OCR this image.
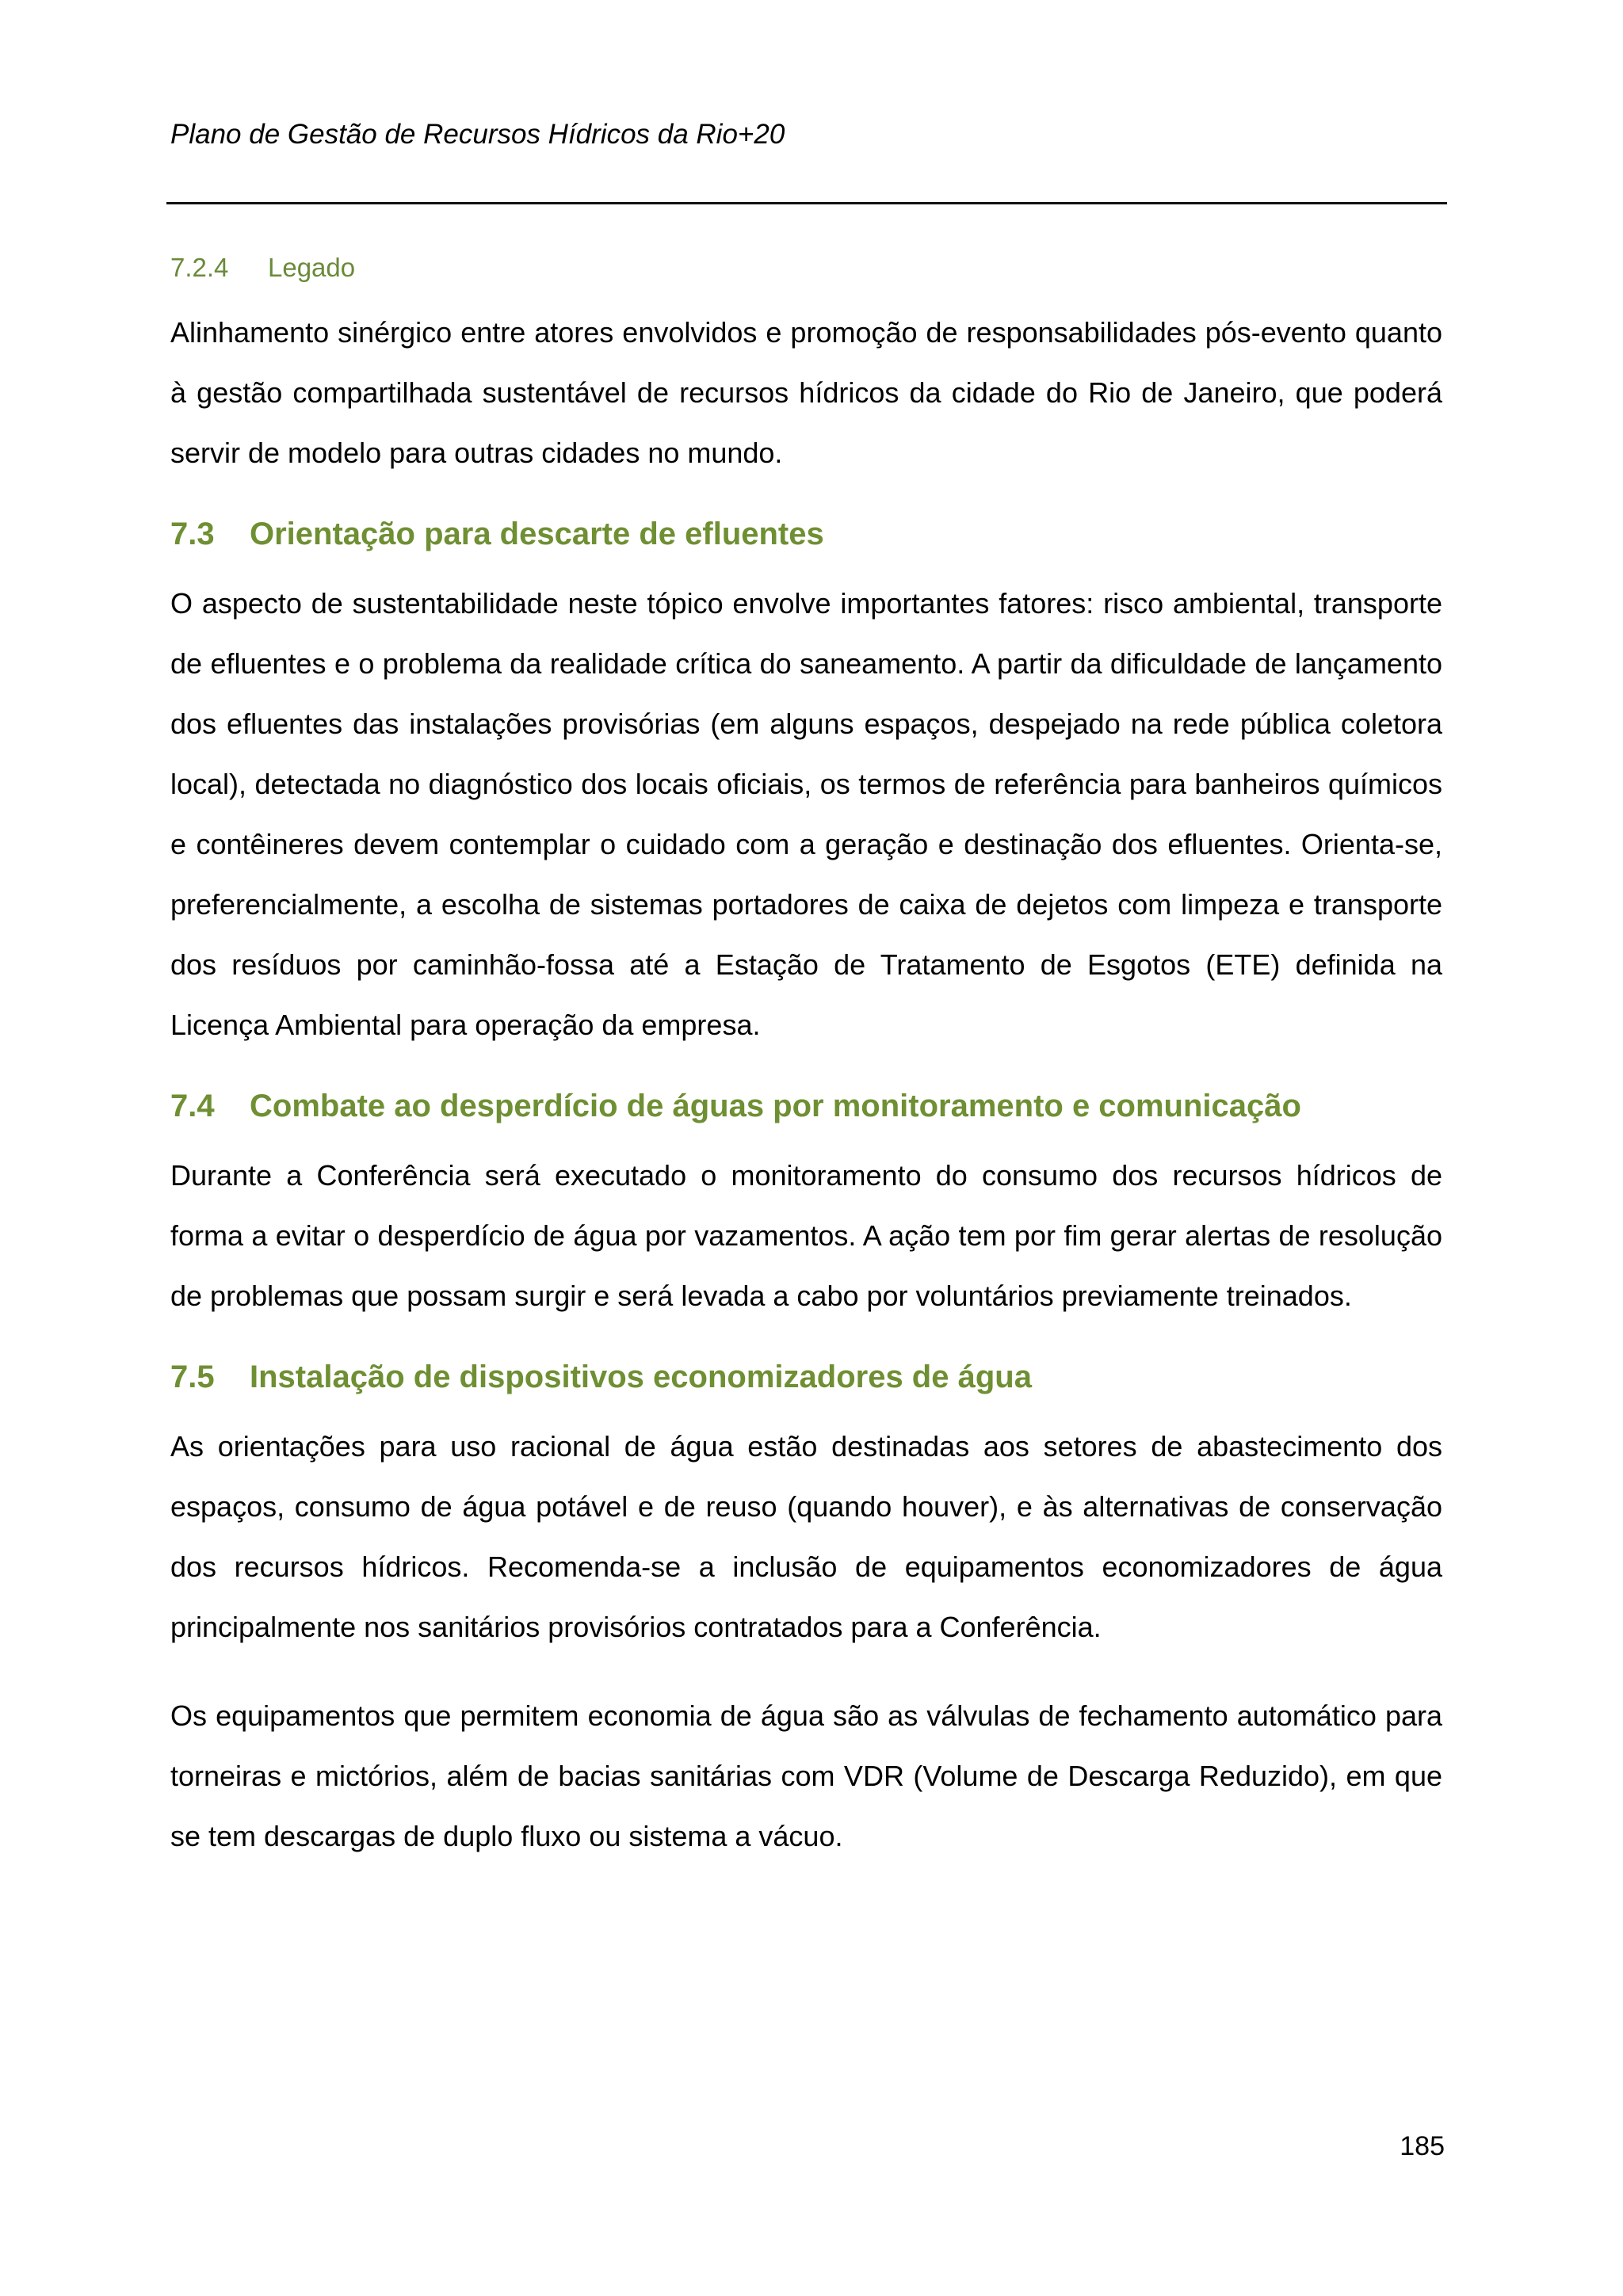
Plano de Gestão de Recursos Hídricos da Rio+20
7.2.4 Legado

Alinhamento sinérgico entre atores envolvidos e promoção de responsabilidades pós-evento quanto à gestão compartilhada sustentável de recursos hídricos da cidade do Rio de Janeiro, que poderá servir de modelo para outras cidades no mundo.

7.3 Orientação para descarte de efluentes

O aspecto de sustentabilidade neste tópico envolve importantes fatores: risco ambiental, transporte de efluentes e o problema da realidade crítica do saneamento. A partir da dificuldade de lançamento dos efluentes das instalações provisórias (em alguns espaços, despejado na rede pública coletora local), detectada no diagnóstico dos locais oficiais, os termos de referência para banheiros químicos e contêineres devem contemplar o cuidado com a geração e destinação dos efluentes. Orienta-se, preferencialmente, a escolha de sistemas portadores de caixa de dejetos com limpeza e transporte dos resíduos por caminhão-fossa até a Estação de Tratamento de Esgotos (ETE) definida na Licença Ambiental para operação da empresa.

7.4 Combate ao desperdício de águas por monitoramento e comunicação

Durante a Conferência será executado o monitoramento do consumo dos recursos hídricos de forma a evitar o desperdício de água por vazamentos. A ação tem por fim gerar alertas de resolução de problemas que possam surgir e será levada a cabo por voluntários previamente treinados.

7.5 Instalação de dispositivos economizadores de água

As orientações para uso racional de água estão destinadas aos setores de abastecimento dos espaços, consumo de água potável e de reuso (quando houver), e às alternativas de conservação dos recursos hídricos. Recomenda-se a inclusão de equipamentos economizadores de água principalmente nos sanitários provisórios contratados para a Conferência.

Os equipamentos que permitem economia de água são as válvulas de fechamento automático para torneiras e mictórios, além de bacias sanitárias com VDR (Volume de Descarga Reduzido), em que se tem descargas de duplo fluxo ou sistema a vácuo.

185
